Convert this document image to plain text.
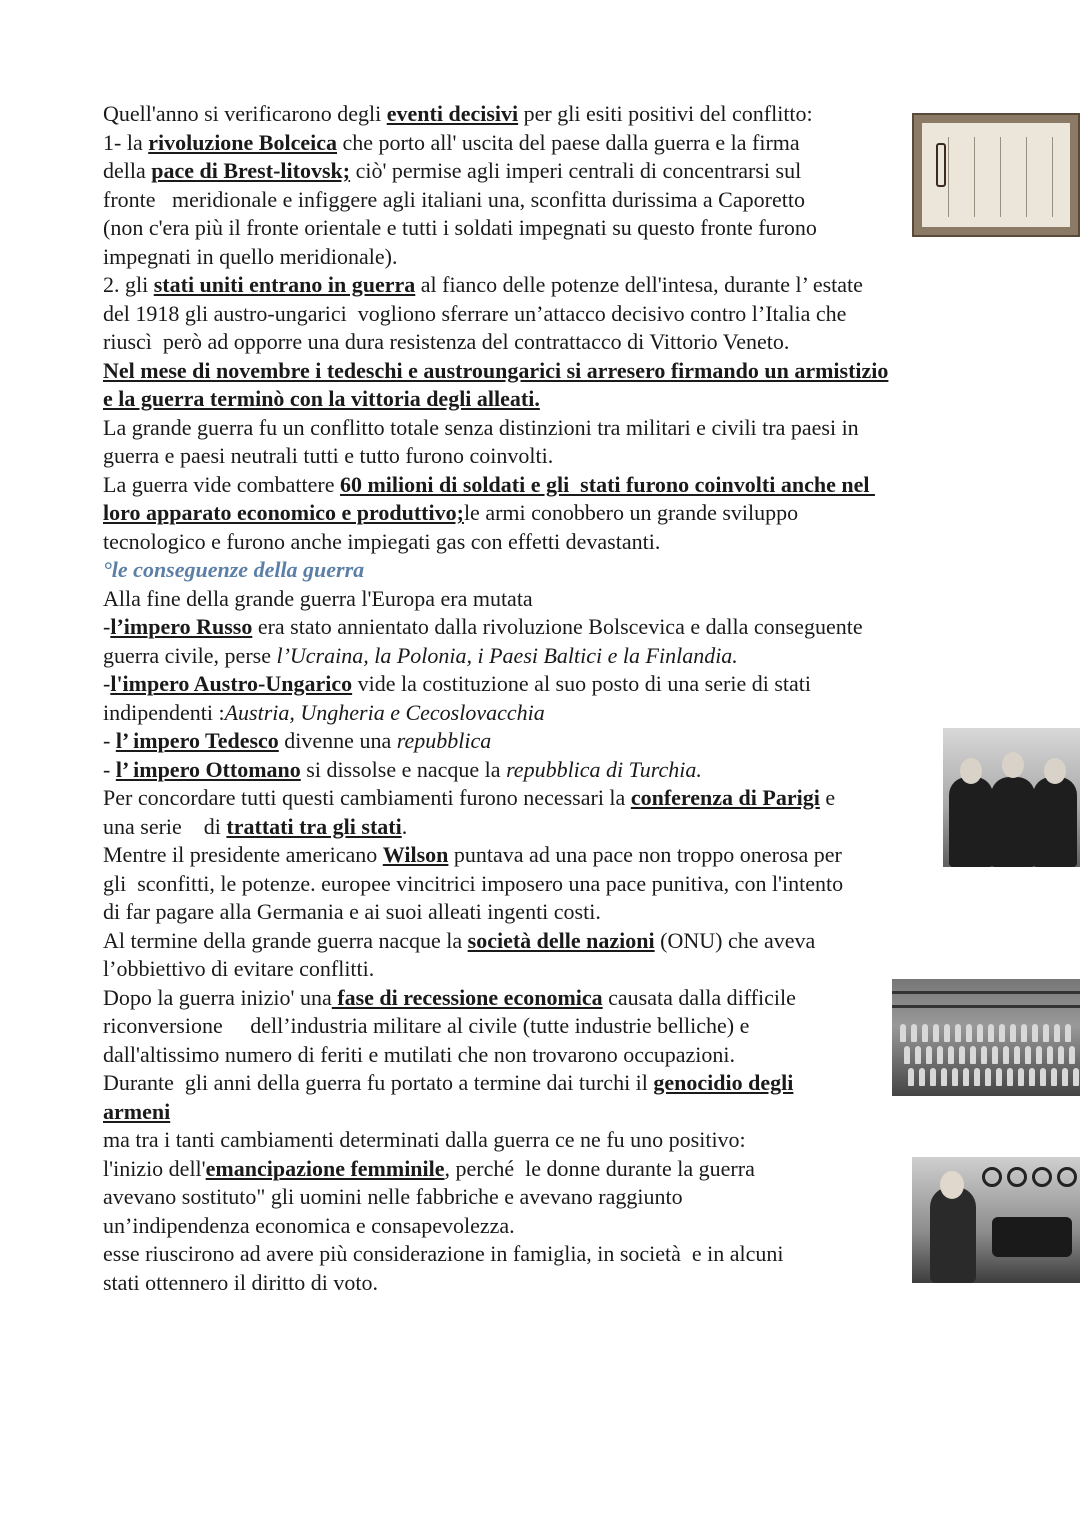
Quell'anno si verificarono degli eventi decisivi per gli esiti positivi del conflitto:
1- la rivoluzione Bolceica che porto all' uscita del paese dalla guerra e la firma
della pace di Brest-litovsk; ciò' permise agli imperi centrali di concentrarsi sul
fronte   meridionale e infiggere agli italiani una, sconfitta durissima a Caporetto
(non c'era più il fronte orientale e tutti i soldati impegnati su questo fronte furono
impegnati in quello meridionale).
2. gli stati uniti entrano in guerra al fianco delle potenze dell'intesa, durante l’ estate
del 1918 gli austro-ungarici  vogliono sferrare un’attacco decisivo contro l’Italia che
riuscì  però ad opporre una dura resistenza del contrattacco di Vittorio Veneto.
Nel mese di novembre i tedeschi e austroungarici si arresero firmando un armistizio
e la guerra terminò con la vittoria degli alleati.
La grande guerra fu un conflitto totale senza distinzioni tra militari e civili tra paesi in
guerra e paesi neutrali tutti e tutto furono coinvolti.
La guerra vide combattere 60 milioni di soldati e gli  stati furono coinvolti anche nel
loro apparato economico e produttivo;le armi conobbero un grande sviluppo
tecnologico e furono anche impiegati gas con effetti devastanti.
°le conseguenze della guerra
Alla fine della grande guerra l'Europa era mutata
-l’impero Russo era stato annientato dalla rivoluzione Bolscevica e dalla conseguente
guerra civile, perse l’Ucraina, la Polonia, i Paesi Baltici e la Finlandia.
-l'impero Austro-Ungarico vide la costituzione al suo posto di una serie di stati
indipendenti :Austria, Ungheria e Cecoslovacchia
- l’ impero Tedesco divenne una repubblica
- l’ impero Ottomano si dissolse e nacque la repubblica di Turchia.
Per concordare tutti questi cambiamenti furono necessari la conferenza di Parigi e
una serie    di trattati tra gli stati.
Mentre il presidente americano Wilson puntava ad una pace non troppo onerosa per
gli  sconfitti, le potenze. europee vincitrici imposero una pace punitiva, con l'intento
di far pagare alla Germania e ai suoi alleati ingenti costi.
Al termine della grande guerra nacque la società delle nazioni (ONU) che aveva
l’obbiettivo di evitare conflitti.
Dopo la guerra inizio' una fase di recessione economica causata dalla difficile
riconversione     dell’industria militare al civile (tutte industrie belliche) e
dall'altissimo numero di feriti e mutilati che non trovarono occupazioni.
Durante  gli anni della guerra fu portato a termine dai turchi il genocidio degli
armeni
ma tra i tanti cambiamenti determinati dalla guerra ce ne fu uno positivo:
l'inizio dell'emancipazione femminile, perché  le donne durante la guerra
avevano sostituto" gli uomini nelle fabbriche e avevano raggiunto
un’indipendenza economica e consapevolezza.
esse riuscirono ad avere più considerazione in famiglia, in società  e in alcuni
stati ottennero il diritto di voto.
